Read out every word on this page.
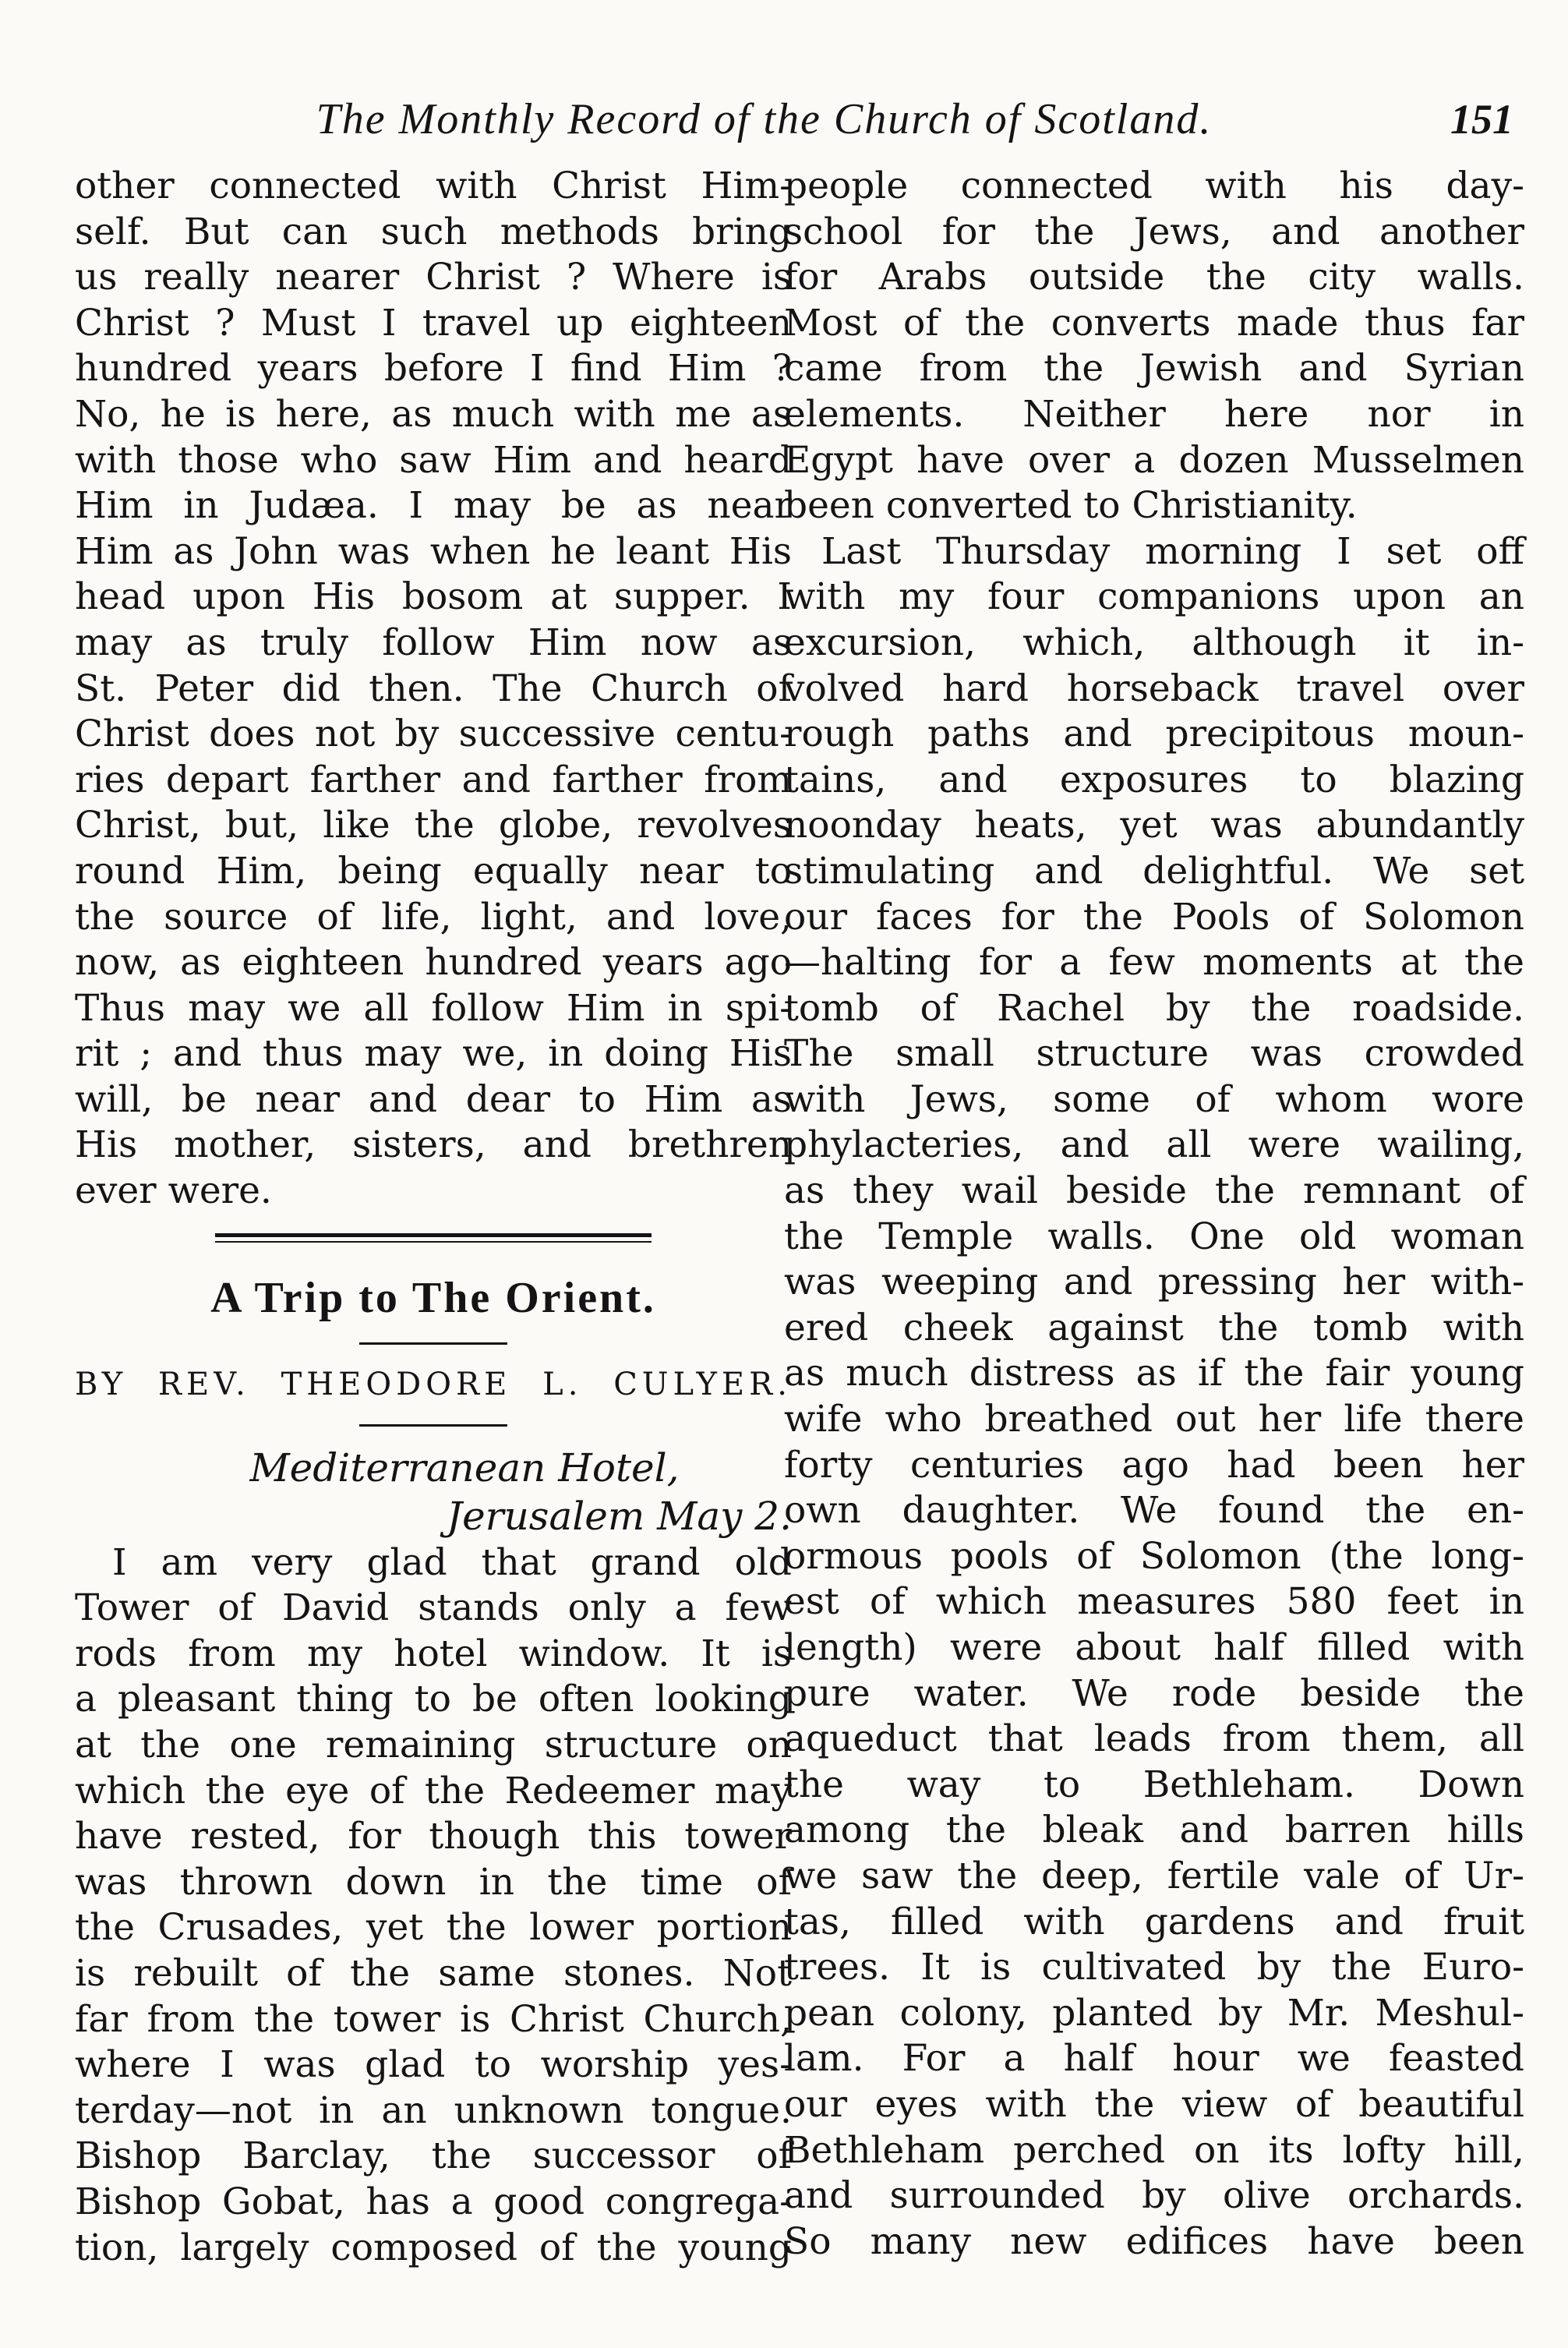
The Monthly Record of the Church of Scotland.	151

other connected with Christ Him-

self. But can such methods bring

us really nearer Christ ? Where is

Christ ? Must I travel up eighteen

hundred years before I find Him ?

No, he is here, as much with me as

with those who saw Him and heard

Him in Judæa. I may be as near

Him as John was when he leant His

head upon His bosom at supper. I

may as truly follow Him now as

St. Peter did then. The Church of

Christ does not by successive centu-

ries depart farther and farther from

Christ, but, like the globe, revolves

round Him, being equally near to

the source of life, light, and love,

now, as eighteen hundred years ago

Thus may we all follow Him in spi-

rit ; and thus may we, in doing His

will, be near and dear to Him as

His mother, sisters, and brethren

ever were.

A Trip to The Orient.
BY REV. THEODORE L. CULYER.
Mediterranean Hotel,
Jerusalem May 2.

I am very glad that grand old

Tower of David stands only a few

rods from my hotel window. It is

a pleasant thing to be often looking

at the one remaining structure on

which the eye of the Redeemer may

have rested, for though this tower

was thrown down in the time of

the Crusades, yet the lower portion

is rebuilt of the same stones. Not

far from the tower is Christ Church,

where I was glad to worship yes-

terday—not in an unknown tongue.

Bishop Barclay, the successor of

Bishop Gobat, has a good congrega-

tion, largely composed of the young

people connected with his day-

school for the Jews, and another

for Arabs outside the city walls.

Most of the converts made thus far

came from the Jewish and Syrian

elements. Neither here nor in

Egypt have over a dozen Musselmen

been converted to Christianity.

Last Thursday morning I set off

with my four companions upon an

excursion, which, although it in-

volved hard horseback travel over

rough paths and precipitous moun-

tains, and exposures to blazing

noonday heats, yet was abundantly

stimulating and delightful. We set

our faces for the Pools of Solomon

—halting for a few moments at the

tomb of Rachel by the roadside.

The small structure was crowded

with Jews, some of whom wore

phylacteries, and all were wailing,

as they wail beside the remnant of

the Temple walls. One old woman

was weeping and pressing her with-

ered cheek against the tomb with

as much distress as if the fair young

wife who breathed out her life there

forty centuries ago had been her

own daughter. We found the en-

ormous pools of Solomon (the long-

est of which measures 580 feet in

length) were about half filled with

pure water. We rode beside the

aqueduct that leads from them, all

the way to Bethleham. Down

among the bleak and barren hills

we saw the deep, fertile vale of Ur-

tas, filled with gardens and fruit

trees. It is cultivated by the Euro-

pean colony, planted by Mr. Meshul-

lam. For a half hour we feasted

our eyes with the view of beautiful

Bethleham perched on its lofty hill,

and surrounded by olive orchards.

So many new edifices have been
